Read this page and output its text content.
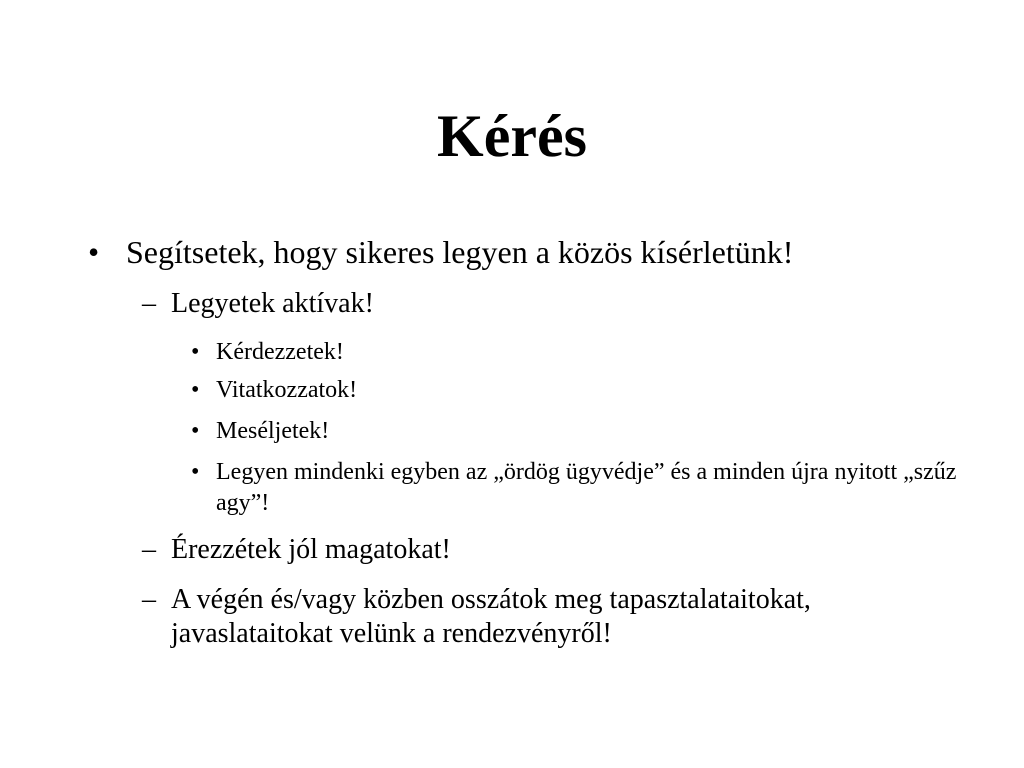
Kérés
• Segítsetek, hogy sikeres legyen a közös kísérletünk!
– Legyetek aktívak!
• Kérdezzetek!
• Vitatkozzatok!
• Meséljetek!
• Legyen mindenki egyben az „ördög ügyvédje” és a minden újra nyitott „szűz agy”!
– Érezzétek jól magatokat!
– A végén és/vagy közben osszátok meg tapasztalataitokat, javaslataitokat velünk a rendezvényről!
